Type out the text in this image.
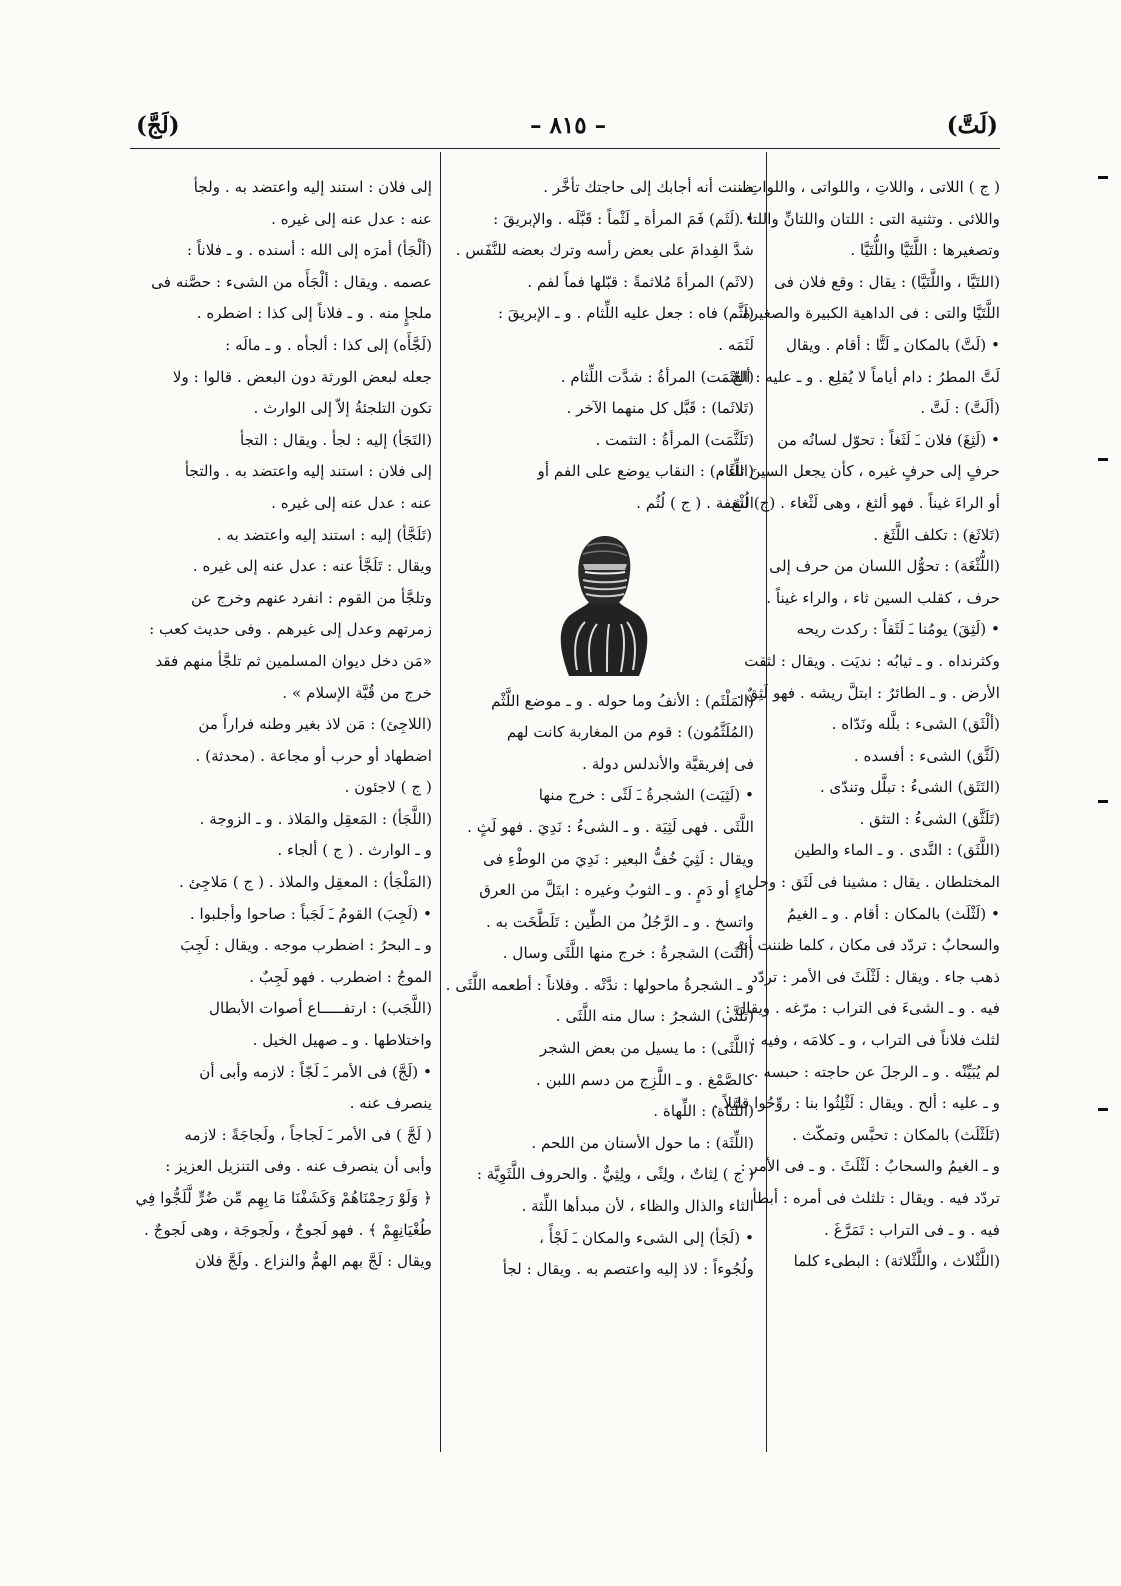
(لَجَّ)	– ٨١٥ –	(لَتَّ)
( ج ) اللاتى ، واللاتِ ، واللواتى ، واللواتِ ،
واللائى . وتثنية التى : اللتان واللتانِّ واللتا .
وتصغيرها : اللَّتَيَّا واللُّتَيَّا .
(اللتَيَّا ، واللَّتَيَّا) : يقال : وقع فلان فى
اللَّتَيَّا والتى : فى الداهية الكبيرة والصغيرة .
• (لَتَّ) بالمكان ـِ لَتًّا : أقام . ويقال
لَتَّ المطرُ : دام أياماً لا يُقلِع . و ـ عليه : ألحّ .
(ألَتَّ) : لَتَّ .
• (لَثِغَ) فلان ـَ لَثَغاً : تحوّل لسانُه من
حرفٍ إلى حرفٍ غيره ، كأن يجعل السينَ ثاءً ،
أو الراءَ غيناً . فهو ألثغ ، وهى لَثْغاء . (ج) لُثْغ .
(تَلاثَغ) : تكلف اللَّثَغ .
(اللُّثْغَة) : تحوُّل اللسان من حرف إلى
حرف ، كقلب السين ثاء ، والراء غيناً .
• (لَثِقَ) يومُنا ـَ لَثَقاً : ركدت ريحه
وكثرنداه . و ـ ثيابُه : نديَت . ويقال : لثقت
الأرض . و ـ الطائرُ : ابتلَّ ريشه . فهو لَثِقٌ .
(ألْثَق) الشىء : بلَّله ونَدّاه .
(لَثَّق) الشىء : أفسده .
(التَثَق) الشىءُ : تبلَّل وتندّى .
(تَلَثَّق) الشىءُ : التثق .
(اللَّثَق) : النَّدى . و ـ الماء والطين
المختلطان . يقال : مشينا فى لَثَق : وحل .
• (لَثْلَث) بالمكان : أقام . و ـ الغيمُ
والسحابُ : تردّد فى مكان ، كلما ظننت أنه
ذهب جاء . ويقال : لَثْلَثَ فى الأمر : تردّد
فيه . و ـ الشىءَ فى التراب : مرّغه . ويقال :
لثلث فلاناً فى التراب ، و ـ كلامَه ، وفيه :
لم يُبَيِّنْه . و ـ الرجلَ عن حاجته : حبسه .
و ـ عليه : ألح . ويقال : لَثْلِثُوا بنا : روِّحُوا قليلاً .
(تَلَثْلَث) بالمكان : تحبَّس وتمكّث .
و ـ الغيمُ والسحابُ : لَثْلَثَ . و ـ فى الأمر :
تردّد فيه . ويقال : تلثلث فى أمره : أبطأ
فيه . و ـ فى التراب : تَمَرَّغَ .
(اللَّثْلاث ، واللَّثْلاثة) : البطىء كلما
ظننت أنه أجابك إلى حاجتك تأخَّر .
• (لَثَم) فَمَ المرأة ـِ لَثْماً : قَبَّلَه . والإبريقَ :
شدَّ الفِدامَ على بعض رأسه وترك بعضه للنَّفَس .
(لاثَم) المرأةَ مُلاثمةً : قبّلها فماً لفم .
(لَثَّم) فاه : جعل عليه اللِّثام . و ـ الإبريقَ :
لَثَمَه .
(التَثَمَت) المرأةُ : شدَّت اللِّثام .
(تَلاثَما) : قَبَّل كل منهما الآخر .
(تَلَثَّمَت) المرأةُ : التثمت .
(اللِّثام) : النقاب يوضع على الفم أو
الشفة . ( ج ) لُثُم .
(المَلْثَم) : الأنفُ وما حوله . و ـ موضع اللَّثْم
(المُلَثَّمُون) : قوم من المغاربة كانت لهم
فى إفريقيَّة والأندلس دولة .
• (لَثِيَت) الشجرةُ ـَ لَثًى : خرج منها
اللَّثَى . فهى لَثِيَة . و ـ الشىءُ : نَدِيَ . فهو لَثٍ .
ويقال : لَثِيَ خُفُّ البعير : نَدِيَ من الوطْءِ فى
ماءٍ أو دَمٍ . و ـ الثوبُ وغيره : ابتَلَّ من العرق
واتسخ . و ـ الرَّجُلُ من الطِّين : تَلَطَّخَت به .
(ألْثَت) الشجرةُ : خرج منها اللَّثَى وسال .
و ـ الشجرةُ ماحولها : ندَّتْه . وفلاناً : أطعمه اللَّثَى .
(تَلَثَّى) الشجرُ : سال منه اللَّثَى .
(اللَّثَى) : ما يسيل من بعض الشجر
كالصَّمْغ . و ـ اللَّزِج من دسم اللبن .
(اللَّثاة) : اللِّهاة .
(اللِّثَة) : ما حول الأسنان من اللحم .
( ج ) لِثاتٌ ، ولِثًى ، ولِثِيٌّ . والحروف اللَّثَوِيَّة :
الثاء والذال والظاء ، لأن مبدأها اللِّثة .
• (لَجَأ) إلى الشىء والمكان ـَ لَجْأً ،
ولُجُوءاً : لاذ إليه واعتصم به . ويقال : لجأ
إلى فلان : استند إليه واعتضد به . ولجأ
عنه : عدل عنه إلى غيره .
(ألْجَأ) أمرَه إلى الله : أسنده . و ـ فلاناً :
عصمه . ويقال : ألْجَأَه من الشىء : حصَّنه فى
ملجإٍ منه . و ـ فلاناً إلى كذا : اضطره .
(لَجَّأَه) إلى كذا : ألجأه . و ـ مالَه :
جعله لبعض الورثة دون البعض . قالوا : ولا
تكون التلجئةُ إلاّ إلى الوارث .
(التَجَأ) إليه : لجأ . ويقال : التجأ
إلى فلان : استند إليه واعتضد به . والتجأ
عنه : عدل عنه إلى غيره .
(تَلَجَّأ) إليه : استند إليه واعتضد به .
ويقال : تَلَجَّأ عنه : عدل عنه إلى غيره .
وتلجَّأ من القوم : انفرد عنهم وخرج عن
زمرتهم وعدل إلى غيرهم . وفى حديث كعب :
«مَن دخل ديوان المسلمين ثم تلجَّأ منهم فقد
خرج من قُبَّة الإسلام » .
(اللاجِئ) : مَن لاذ بغير وطنه فراراً من
اضطهاد أو حرب أو مجاعة . (محدثة) .
( ج ) لاجئون .
(اللَّجَأ) : المَعقِل والمَلاذ . و ـ الزوجة .
و ـ الوارث . ( ج ) ألجاء .
(المَلْجَأ) : المعقِل والملاذ . ( ج ) مَلاجِئ .
• (لَجِبَ) القومُ ـَ لَجَباً : صاحوا وأجلبوا .
و ـ البحرُ : اضطرب موجه . ويقال : لَجِبَ
الموجُ : اضطرب . فهو لَجِبٌ .
(اللَّجَب) : ارتفـــــاع أصوات الأبطال
واختلاطها . و ـ صهيل الخيل .
• (لَجَّ) فى الأمر ـَ لَجّاً : لازمه وأبى أن
ينصرف عنه .
( لَجَّ ) فى الأمر ـَ لَجاجاً ، ولَجاجَةً : لازمه
وأبى أن ينصرف عنه . وفى التنزيل العزيز :
﴿ وَلَوْ رَحِمْنَاهُمْ وَكَشَفْنَا مَا بِهِم مِّن ضُرٍّ لَّلَجُّوا فِي
طُغْيَانِهِمْ ﴾ . فهو لَجوجٌ ، ولَجوجَة ، وهى لَجوجٌ .
ويقال : لَجَّ بهم الهمُّ والنزاع . ولَجَّ فلان
